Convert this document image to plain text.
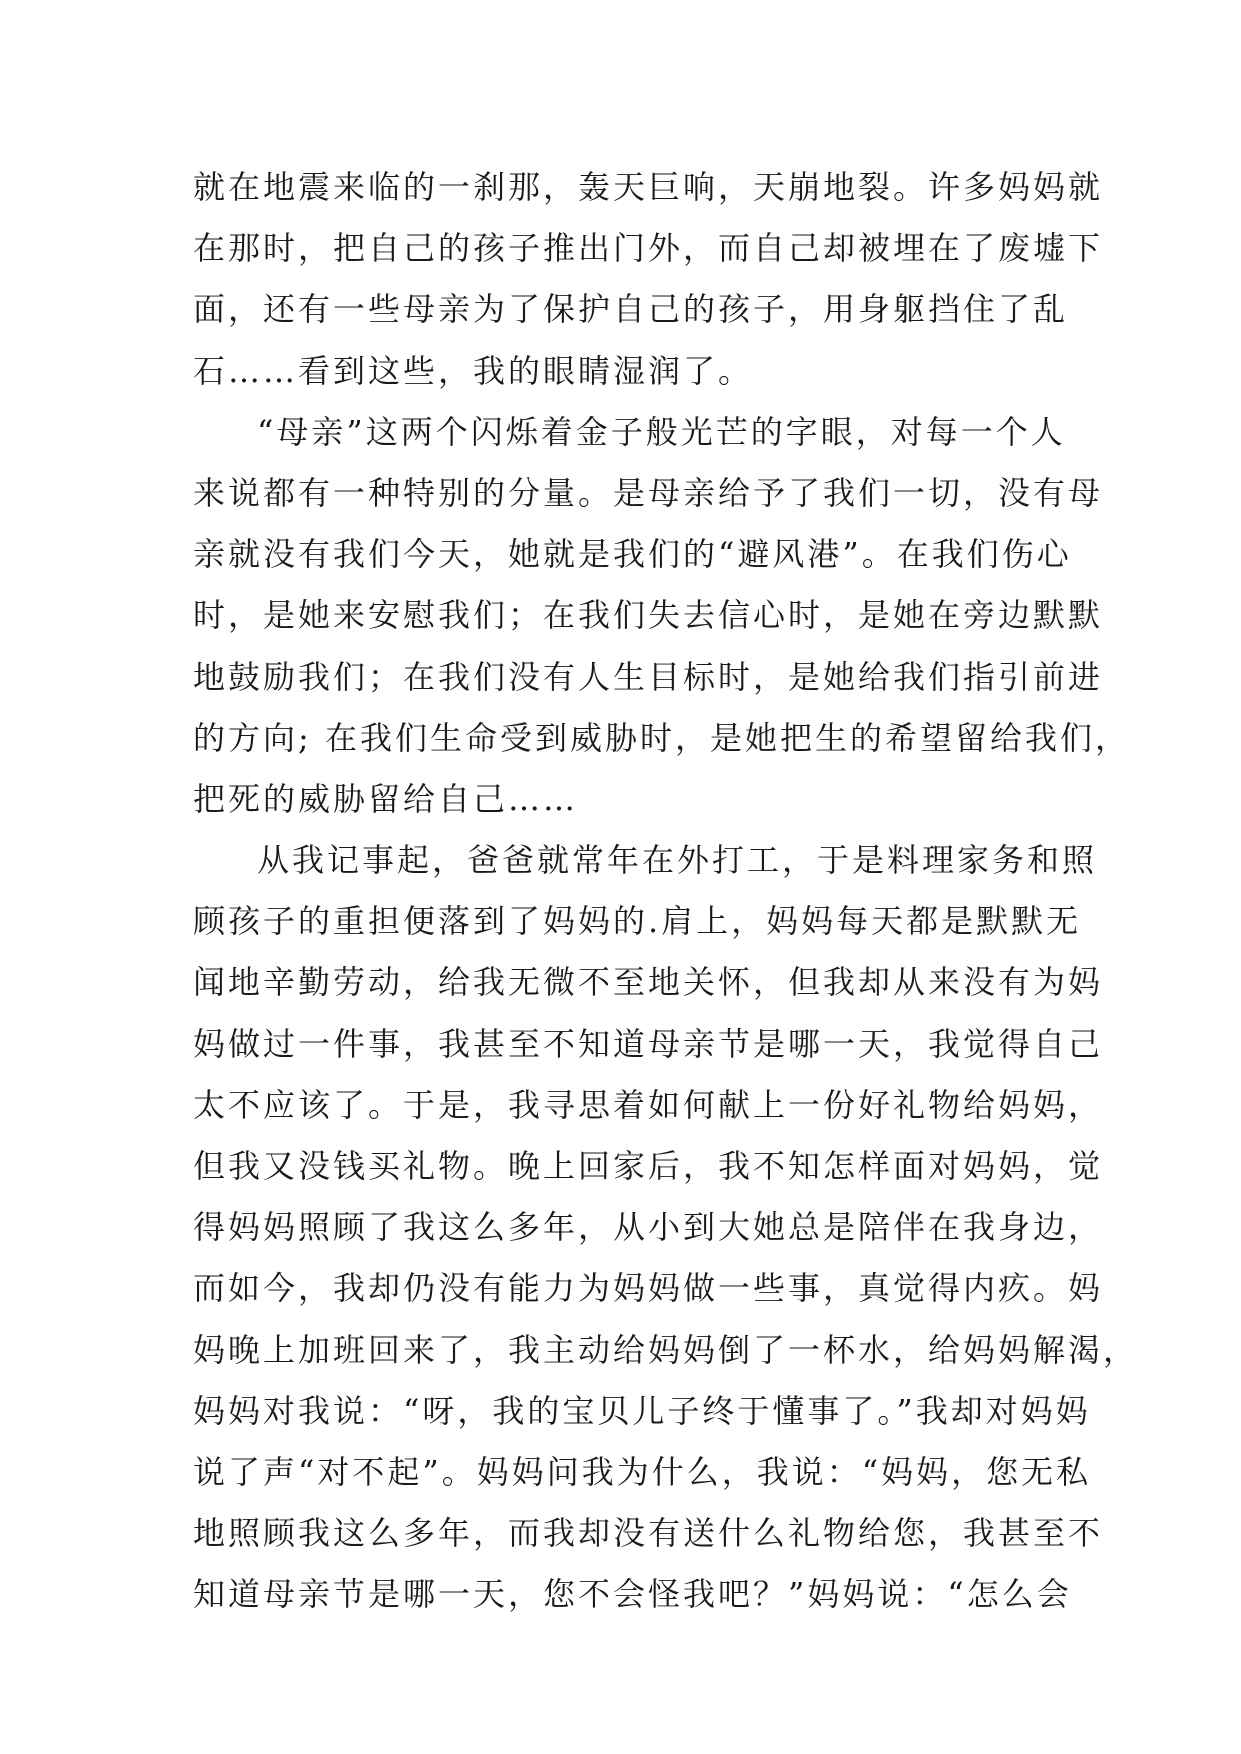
就在地震来临的一刹那，轰天巨响，天崩地裂。许多妈妈就
在那时，把自己的孩子推出门外，而自己却被埋在了废墟下
面，还有一些母亲为了保护自己的孩子，用身躯挡住了乱
石……看到这些，我的眼睛湿润了。
“母亲”这两个闪烁着金子般光芒的字眼，对每一个人
来说都有一种特别的分量。是母亲给予了我们一切，没有母
亲就没有我们今天，她就是我们的“避风港”。在我们伤心
时，是她来安慰我们；在我们失去信心时，是她在旁边默默
地鼓励我们；在我们没有人生目标时，是她给我们指引前进
的方向; 在我们生命受到威胁时，是她把生的希望留给我们，
把死的威胁留给自己……
从我记事起，爸爸就常年在外打工，于是料理家务和照
顾孩子的重担便落到了妈妈的.肩上，妈妈每天都是默默无
闻地辛勤劳动，给我无微不至地关怀，但我却从来没有为妈
妈做过一件事，我甚至不知道母亲节是哪一天，我觉得自己
太不应该了。于是，我寻思着如何献上一份好礼物给妈妈，
但我又没钱买礼物。晚上回家后，我不知怎样面对妈妈，觉
得妈妈照顾了我这么多年，从小到大她总是陪伴在我身边，
而如今，我却仍没有能力为妈妈做一些事，真觉得内疚。妈
妈晚上加班回来了，我主动给妈妈倒了一杯水，给妈妈解渴，
妈妈对我说：“呀，我的宝贝儿子终于懂事了。”我却对妈妈
说了声“对不起”。妈妈问我为什么，我说：“妈妈，您无私
地照顾我这么多年，而我却没有送什么礼物给您，我甚至不
知道母亲节是哪一天，您不会怪我吧？”妈妈说：“怎么会
